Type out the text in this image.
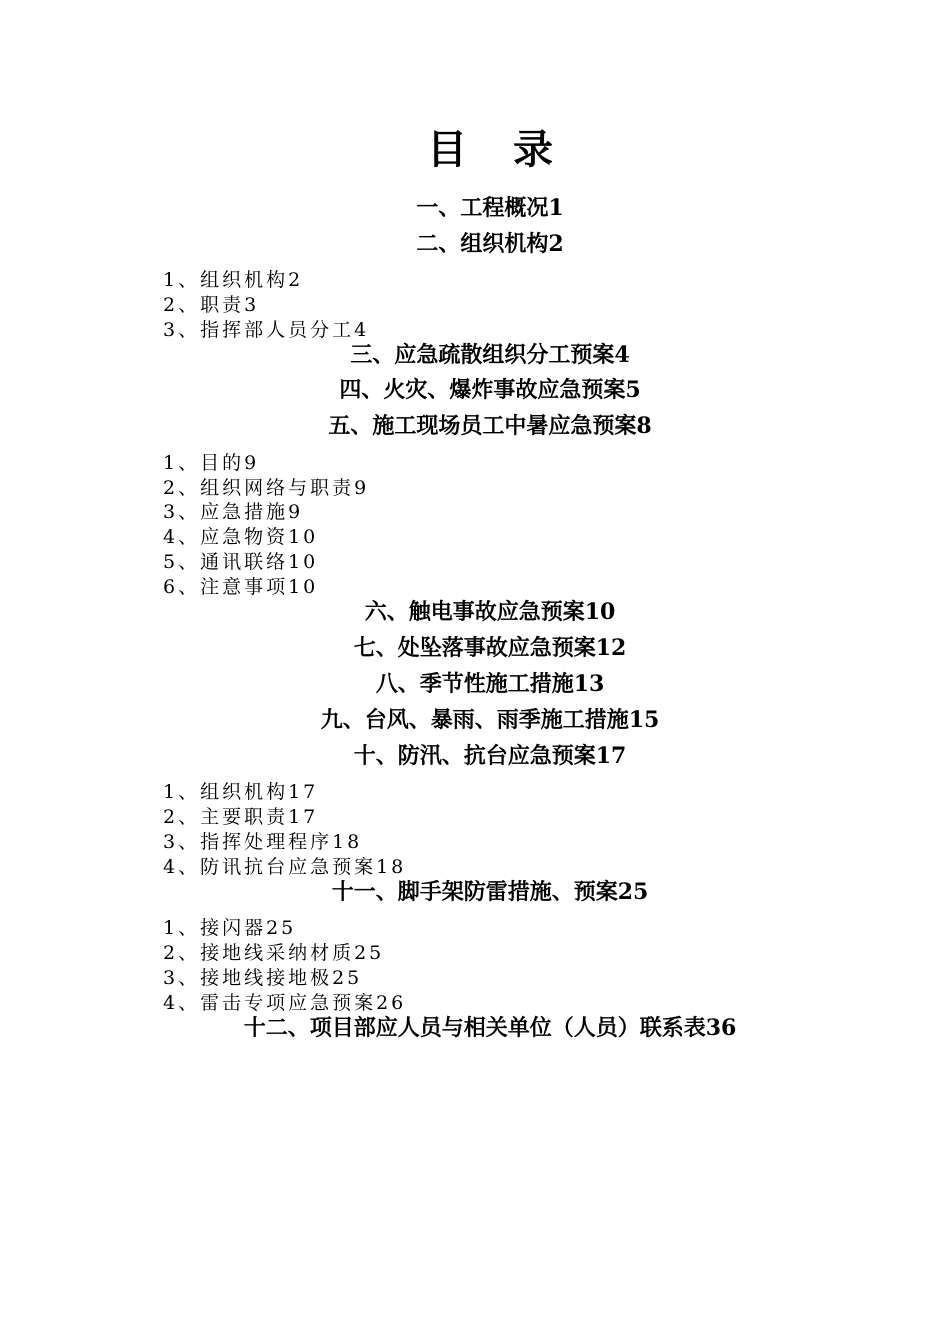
目 录
一、工程概况1
二、组织机构2
1、组织机构2
2、职责3
3、指挥部人员分工4
三、应急疏散组织分工预案4
四、火灾、爆炸事故应急预案5
五、施工现场员工中暑应急预案8
1、目的9
2、组织网络与职责9
3、应急措施9
4、应急物资10
5、通讯联络10
6、注意事项10
六、触电事故应急预案10
七、处坠落事故应急预案12
八、季节性施工措施13
九、台风、暴雨、雨季施工措施15
十、防汛、抗台应急预案17
1、组织机构17
2、主要职责17
3、指挥处理程序18
4、防讯抗台应急预案18
十一、脚手架防雷措施、预案25
1、接闪器25
2、接地线采纳材质25
3、接地线接地极25
4、雷击专项应急预案26
十二、项目部应人员与相关单位（人员）联系表36
